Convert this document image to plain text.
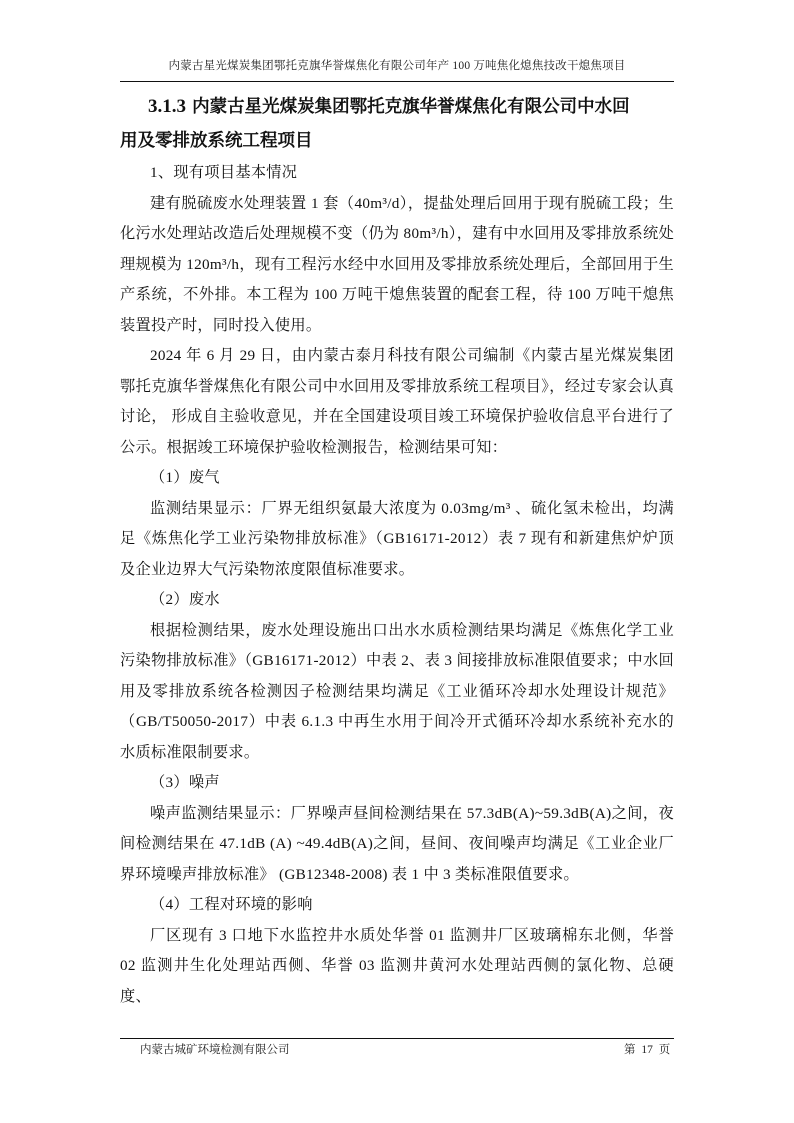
内蒙古星光煤炭集团鄂托克旗华誉煤焦化有限公司年产 100 万吨焦化熄焦技改干熄焦项目
3.1.3 内蒙古星光煤炭集团鄂托克旗华誉煤焦化有限公司中水回
用及零排放系统工程项目

1、现有项目基本情况

建有脱硫废水处理装置 1 套（40m³/d），提盐处理后回用于现有脱硫工段；生化污水处理站改造后处理规模不变（仍为 80m³/h），建有中水回用及零排放系统处理规模为 120m³/h，现有工程污水经中水回用及零排放系统处理后，全部回用于生产系统，不外排。本工程为 100 万吨干熄焦装置的配套工程，待 100 万吨干熄焦装置投产时，同时投入使用。

2024 年 6 月 29 日，由内蒙古泰月科技有限公司编制《内蒙古星光煤炭集团鄂托克旗华誉煤焦化有限公司中水回用及零排放系统工程项目》，经过专家会认真讨论， 形成自主验收意见，并在全国建设项目竣工环境保护验收信息平台进行了公示。根据竣工环境保护验收检测报告，检测结果可知：

（1）废气

监测结果显示：厂界无组织氨最大浓度为 0.03mg/m³ 、硫化氢未检出，均满足《炼焦化学工业污染物排放标准》（GB16171-2012）表 7 现有和新建焦炉炉顶及企业边界大气污染物浓度限值标准要求。

（2）废水

根据检测结果，废水处理设施出口出水水质检测结果均满足《炼焦化学工业污染物排放标准》（GB16171-2012）中表 2、表 3 间接排放标准限值要求；中水回用及零排放系统各检测因子检测结果均满足《工业循环冷却水处理设计规范》（GB/T50050-2017）中表 6.1.3 中再生水用于间冷开式循环冷却水系统补充水的水质标准限制要求。

（3）噪声

噪声监测结果显示：厂界噪声昼间检测结果在 57.3dB(A)~59.3dB(A)之间，夜间检测结果在 47.1dB (A) ~49.4dB(A)之间，昼间、夜间噪声均满足《工业企业厂界环境噪声排放标准》 (GB12348-2008) 表 1 中 3 类标准限值要求。

（4）工程对环境的影响

厂区现有 3 口地下水监控井水质处华誉 01 监测井厂区玻璃棉东北侧，华誉 02 监测井生化处理站西侧、华誉 03 监测井黄河水处理站西侧的氯化物、总硬度、

内蒙古城矿环境检测有限公司	第 17 页
